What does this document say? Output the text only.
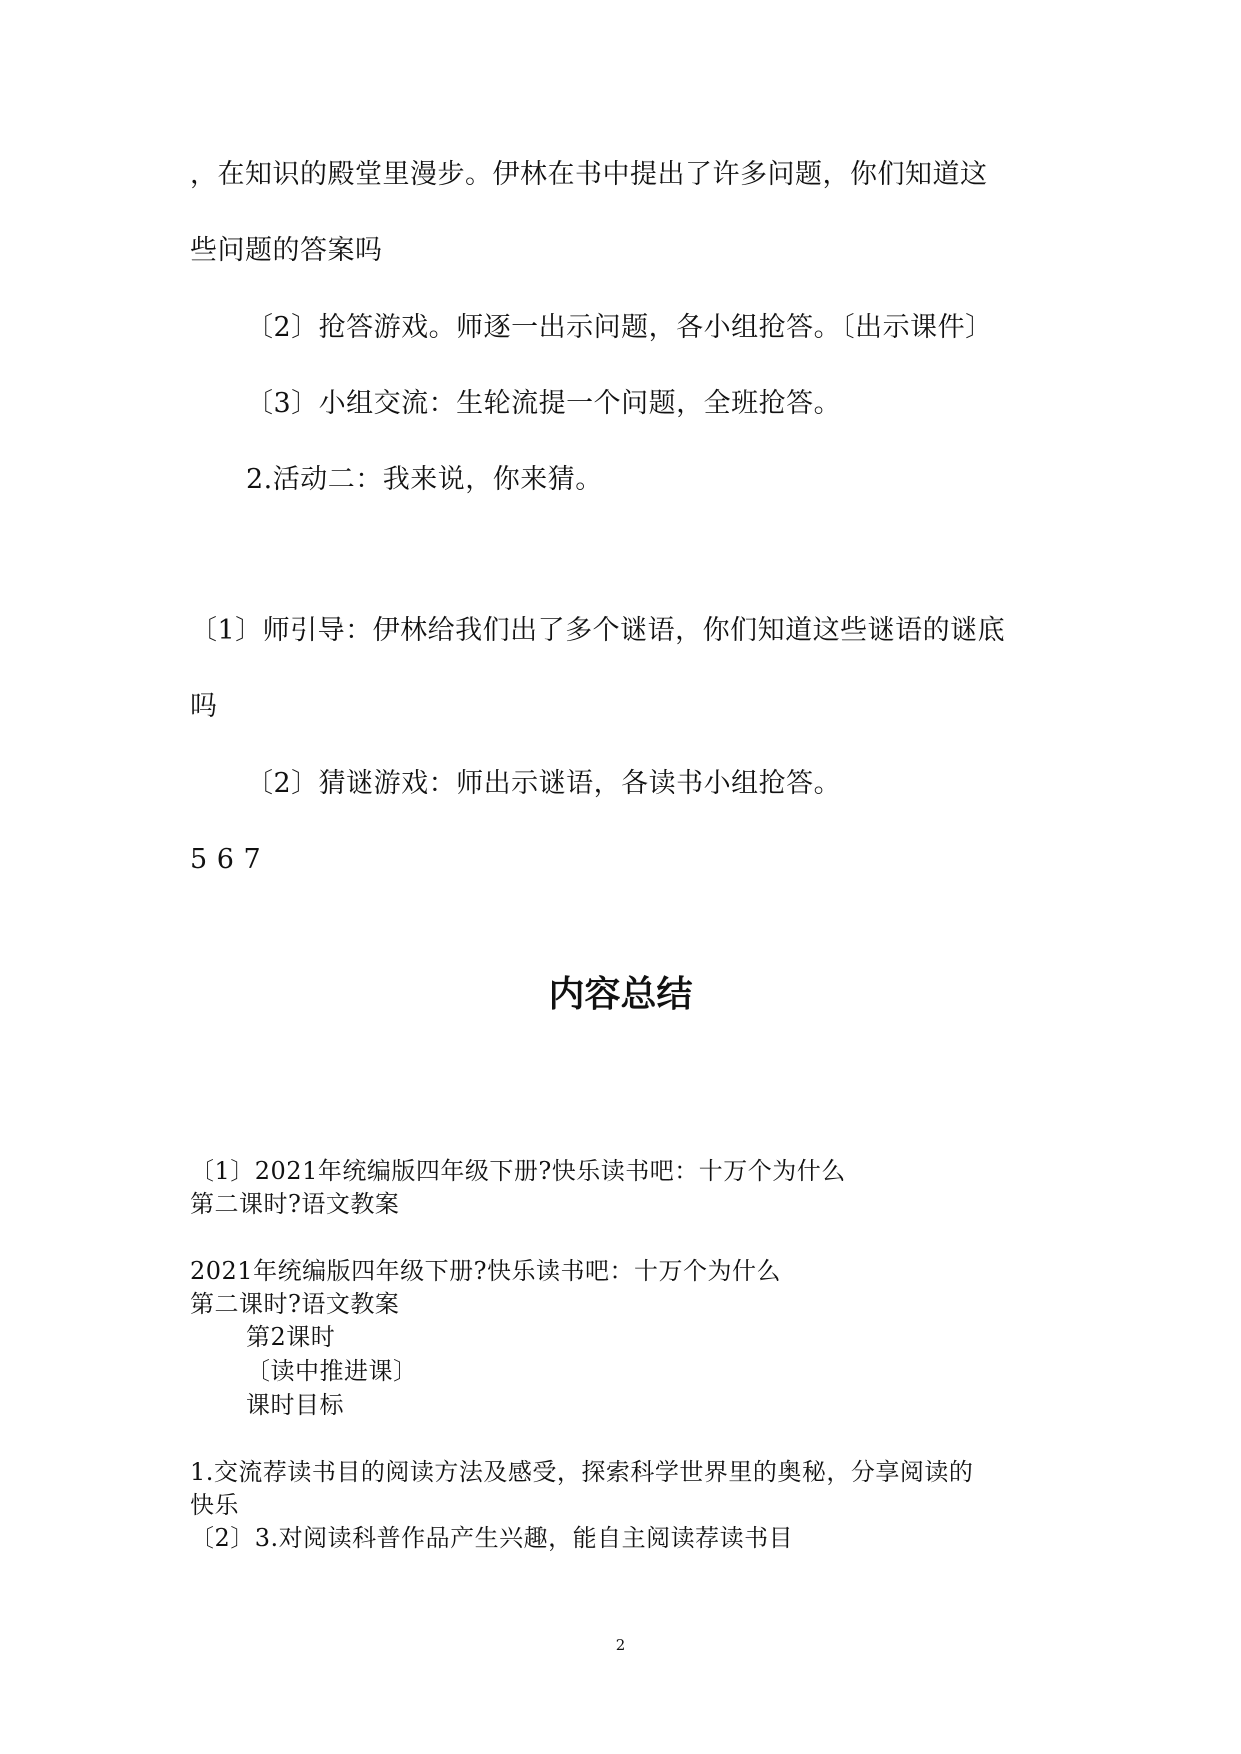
，在知识的殿堂里漫步。伊林在书中提出了许多问题，你们知道这
些问题的答案吗
〔2〕抢答游戏。师逐一出示问题，各小组抢答。〔出示课件〕
〔3〕小组交流：生轮流提一个问题，全班抢答。
2.活动二：我来说，你来猜。
〔1〕师引导：伊林给我们出了多个谜语，你们知道这些谜语的谜底
吗
〔2〕猜谜游戏：师出示谜语，各读书小组抢答。
5 6 7
内容总结
〔1〕2021年统编版四年级下册?快乐读书吧：十万个为什么
第二课时?语文教案
2021年统编版四年级下册?快乐读书吧：十万个为什么
第二课时?语文教案
第2课时
〔读中推进课〕
课时目标
1.交流荐读书目的阅读方法及感受，探索科学世界里的奥秘，分享阅读的
快乐
〔2〕3.对阅读科普作品产生兴趣，能自主阅读荐读书目
2
